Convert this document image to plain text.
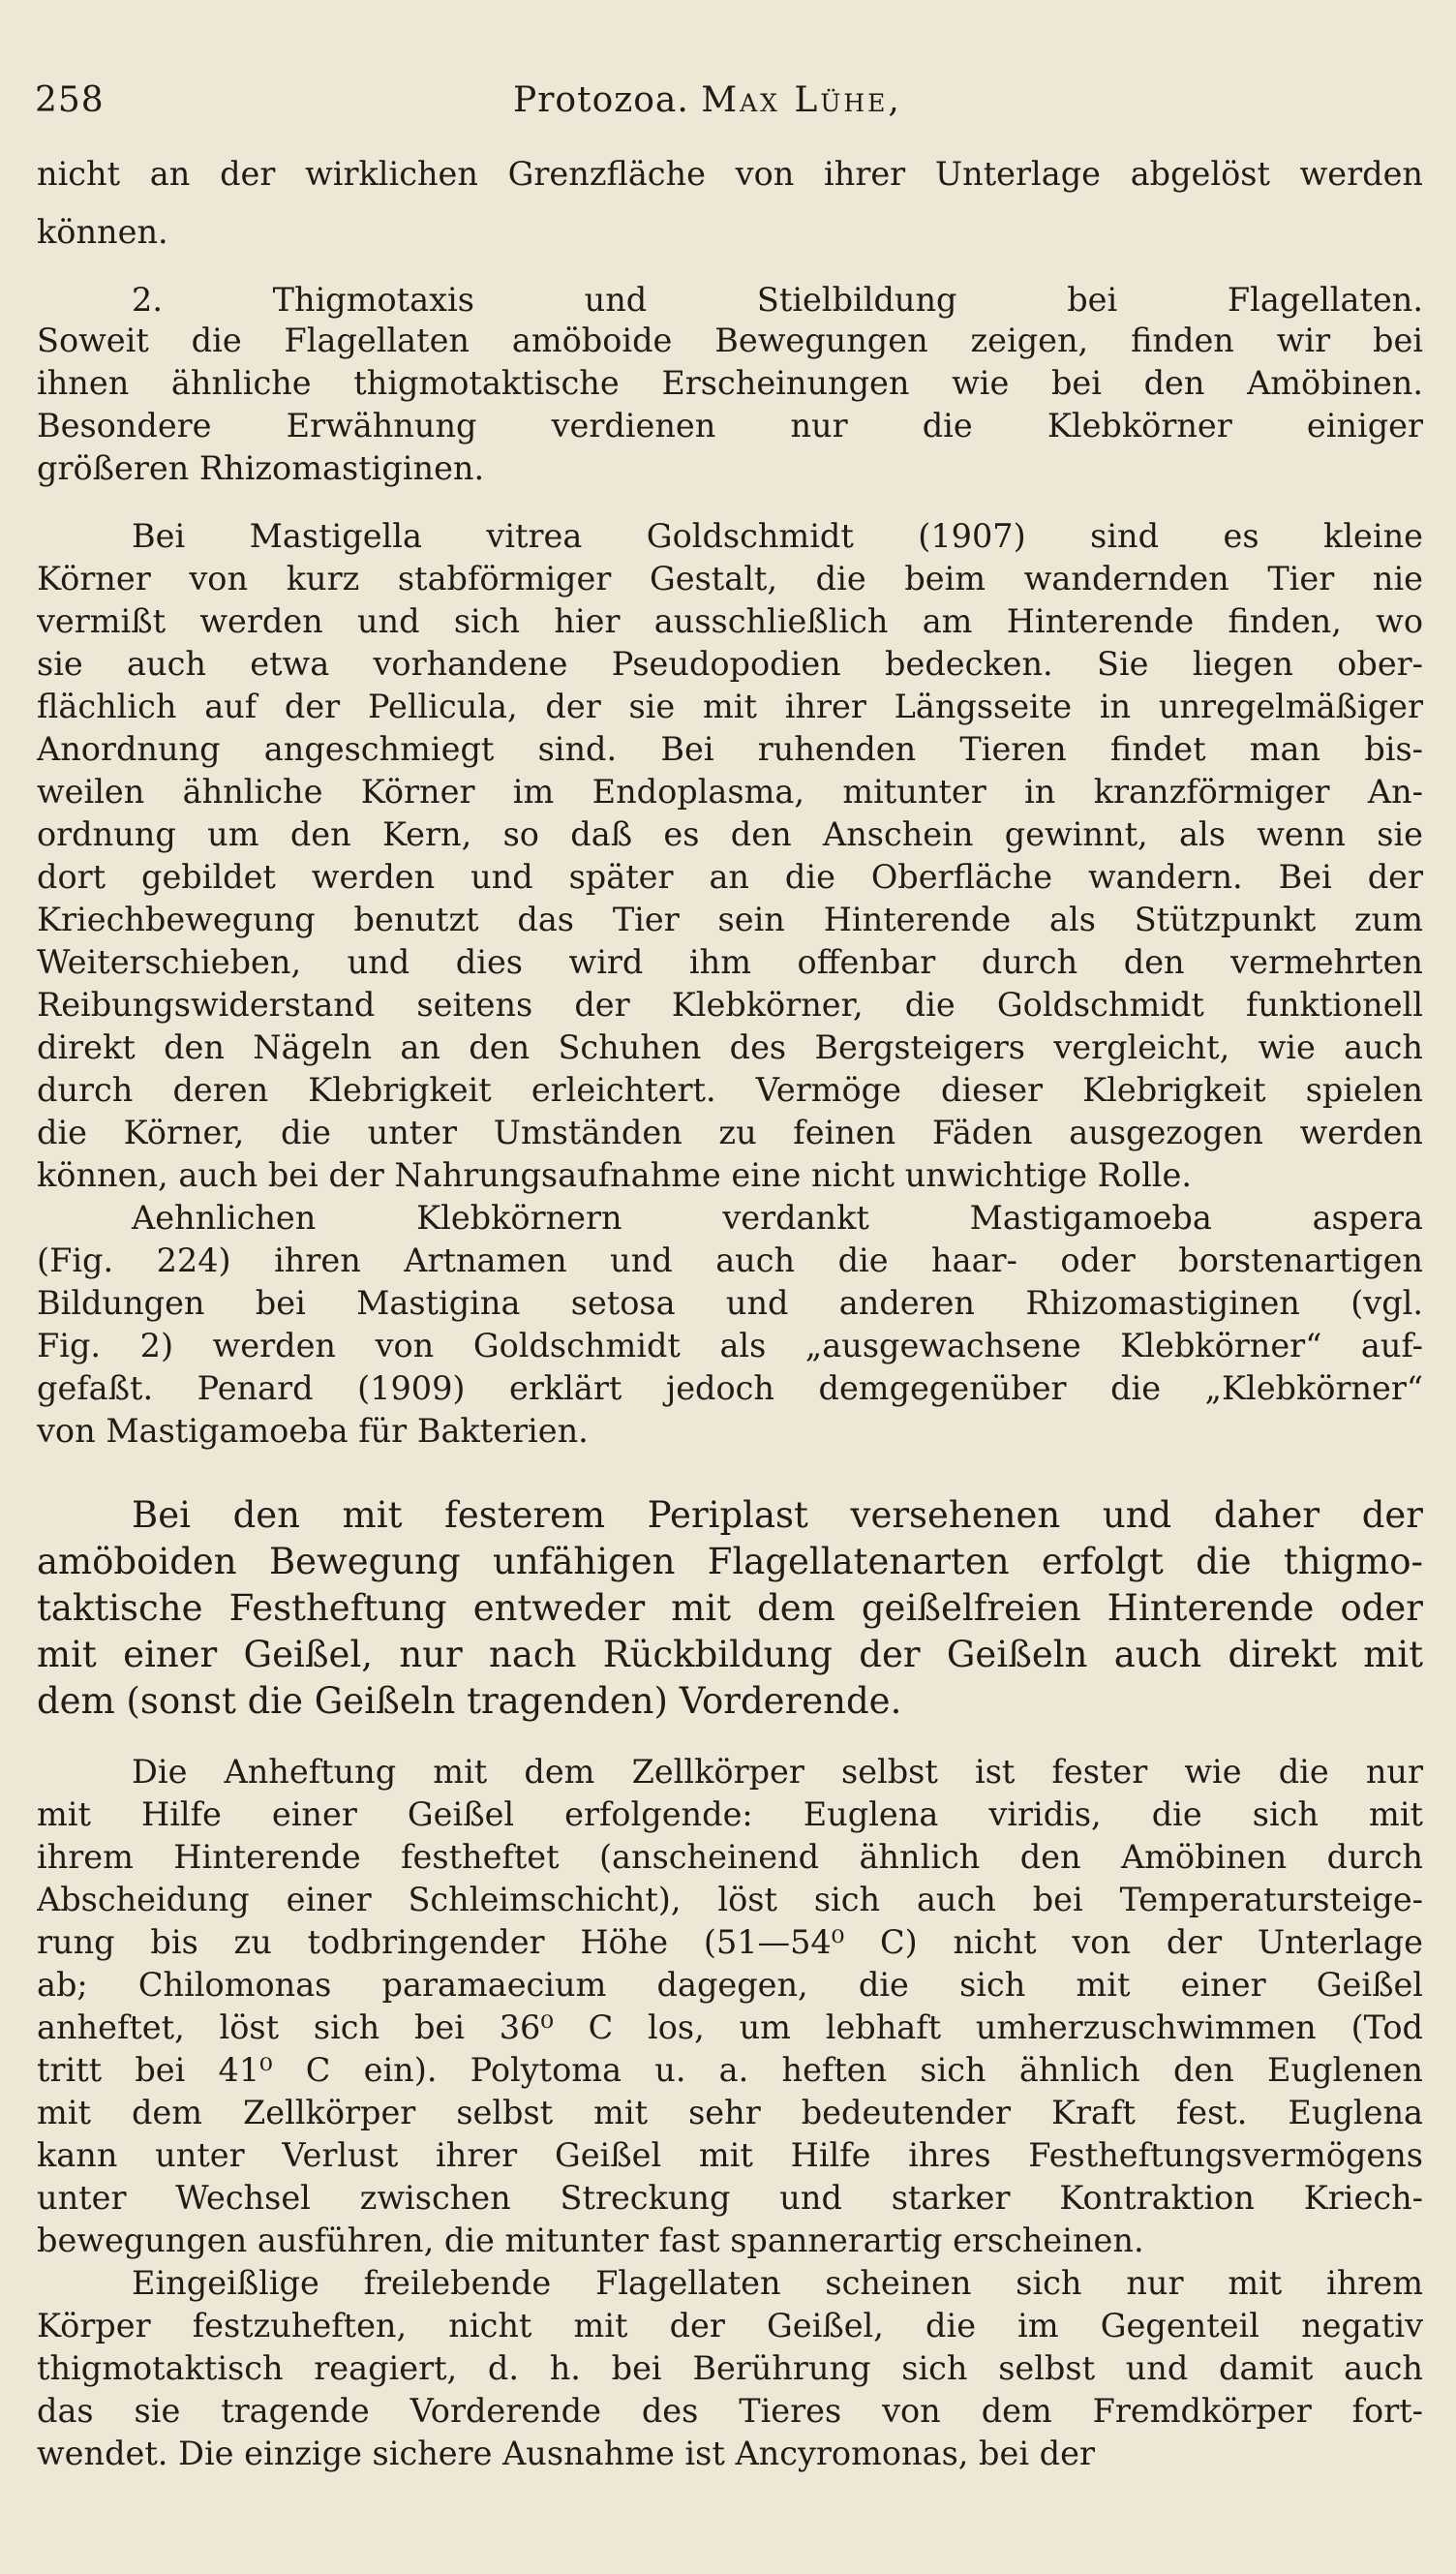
258	Protozoa. Max Lühe,
nicht an der wirklichen Grenzfläche von ihrer Unterlage abgelöst werden
können.
2. Thigmotaxis und Stielbildung bei Flagellaten.
Soweit die Flagellaten amöboide Bewegungen zeigen, finden wir bei
ihnen ähnliche thigmotaktische Erscheinungen wie bei den Amöbinen.
Besondere Erwähnung verdienen nur die Klebkörner einiger
größeren Rhizomastiginen.
Bei Mastigella vitrea Goldschmidt (1907) sind es kleine
Körner von kurz stabförmiger Gestalt, die beim wandernden Tier nie
vermißt werden und sich hier ausschließlich am Hinterende finden, wo
sie auch etwa vorhandene Pseudopodien bedecken. Sie liegen ober-
flächlich auf der Pellicula, der sie mit ihrer Längsseite in unregelmäßiger
Anordnung angeschmiegt sind. Bei ruhenden Tieren findet man bis-
weilen ähnliche Körner im Endoplasma, mitunter in kranzförmiger An-
ordnung um den Kern, so daß es den Anschein gewinnt, als wenn sie
dort gebildet werden und später an die Oberfläche wandern. Bei der
Kriechbewegung benutzt das Tier sein Hinterende als Stützpunkt zum
Weiterschieben, und dies wird ihm offenbar durch den vermehrten
Reibungswiderstand seitens der Klebkörner, die Goldschmidt funktionell
direkt den Nägeln an den Schuhen des Bergsteigers vergleicht, wie auch
durch deren Klebrigkeit erleichtert. Vermöge dieser Klebrigkeit spielen
die Körner, die unter Umständen zu feinen Fäden ausgezogen werden
können, auch bei der Nahrungsaufnahme eine nicht unwichtige Rolle.
Aehnlichen Klebkörnern verdankt Mastigamoeba aspera
(Fig. 224) ihren Artnamen und auch die haar- oder borstenartigen
Bildungen bei Mastigina setosa und anderen Rhizomastiginen (vgl.
Fig. 2) werden von Goldschmidt als „ausgewachsene Klebkörner“ auf-
gefaßt. Penard (1909) erklärt jedoch demgegenüber die „Klebkörner“
von Mastigamoeba für Bakterien.
Bei den mit festerem Periplast versehenen und daher der
amöboiden Bewegung unfähigen Flagellatenarten erfolgt die thigmo-
taktische Festheftung entweder mit dem geißelfreien Hinterende oder
mit einer Geißel, nur nach Rückbildung der Geißeln auch direkt mit
dem (sonst die Geißeln tragenden) Vorderende.
Die Anheftung mit dem Zellkörper selbst ist fester wie die nur
mit Hilfe einer Geißel erfolgende: Euglena viridis, die sich mit
ihrem Hinterende festheftet (anscheinend ähnlich den Amöbinen durch
Abscheidung einer Schleimschicht), löst sich auch bei Temperatursteige-
rung bis zu todbringender Höhe (51—54⁰ C) nicht von der Unterlage
ab; Chilomonas paramaecium dagegen, die sich mit einer Geißel
anheftet, löst sich bei 36⁰ C los, um lebhaft umherzuschwimmen (Tod
tritt bei 41⁰ C ein). Polytoma u. a. heften sich ähnlich den Euglenen
mit dem Zellkörper selbst mit sehr bedeutender Kraft fest. Euglena
kann unter Verlust ihrer Geißel mit Hilfe ihres Festheftungsvermögens
unter Wechsel zwischen Streckung und starker Kontraktion Kriech-
bewegungen ausführen, die mitunter fast spannerartig erscheinen.
Eingeißlige freilebende Flagellaten scheinen sich nur mit ihrem
Körper festzuheften, nicht mit der Geißel, die im Gegenteil negativ
thigmotaktisch reagiert, d. h. bei Berührung sich selbst und damit auch
das sie tragende Vorderende des Tieres von dem Fremdkörper fort-
wendet. Die einzige sichere Ausnahme ist Ancyromonas, bei der
